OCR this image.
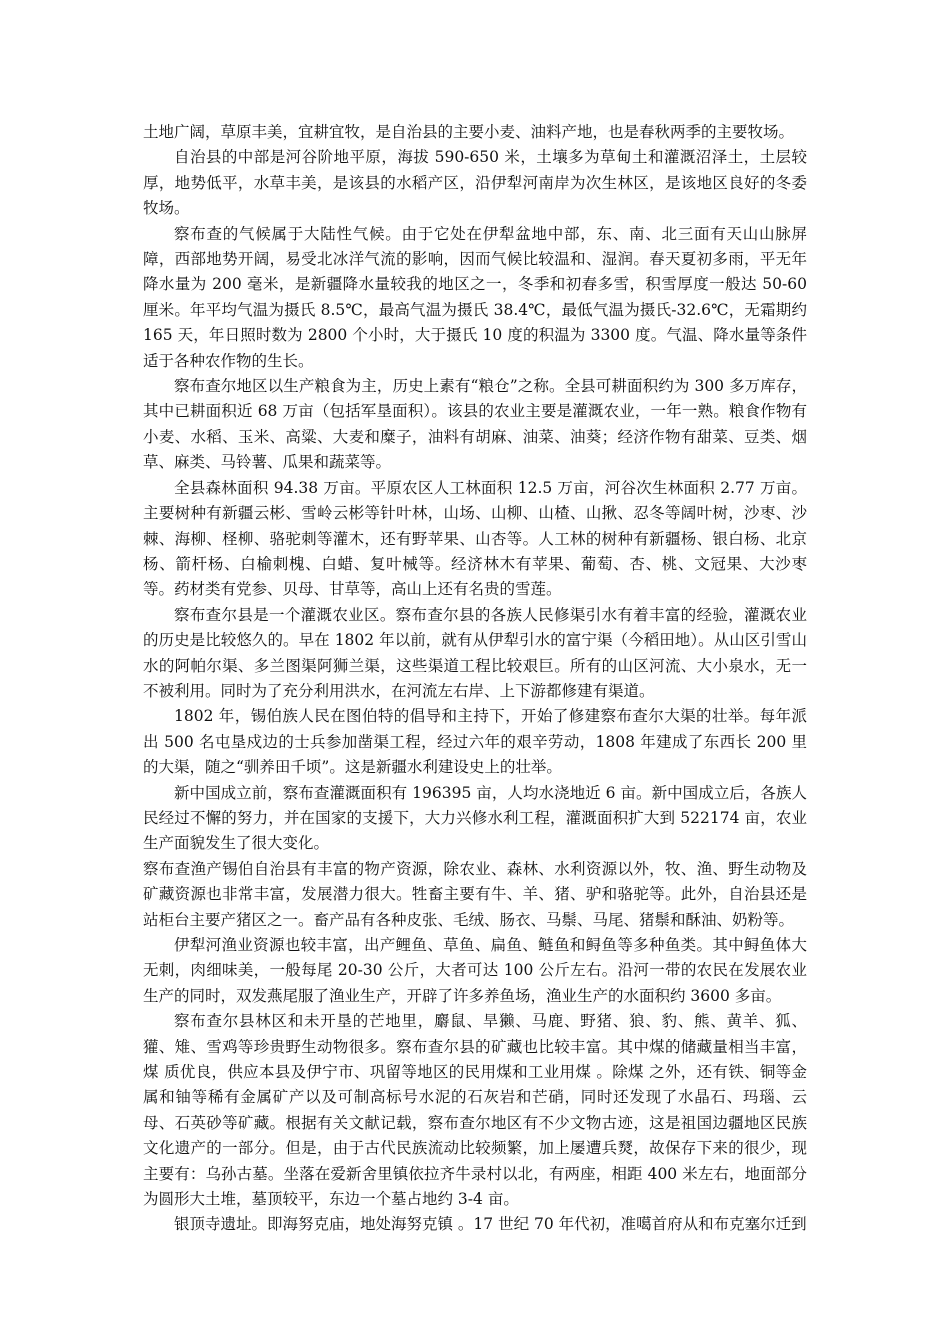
土地广阔，草原丰美，宜耕宜牧，是自治县的主要小麦、油料产地，也是春秋两季的主要牧场。

自治县的中部是河谷阶地平原，海拔 590-650 米，土壤多为草甸土和灌溉沼泽土，土层较厚，地势低平，水草丰美，是该县的水稻产区，沿伊犁河南岸为次生林区，是该地区良好的冬委牧场。

察布查的气候属于大陆性气候。由于它处在伊犁盆地中部，东、南、北三面有天山山脉屏障，西部地势开阔，易受北冰洋气流的影响，因而气候比较温和、湿润。春天夏初多雨，平无年降水量为 200 毫米，是新疆降水量较我的地区之一，冬季和初春多雪，积雪厚度一般达 50-60 厘米。年平均气温为摄氏 8.5℃，最高气温为摄氏 38.4℃，最低气温为摄氏-32.6℃，无霜期约 165 天，年日照时数为 2800 个小时，大于摄氏 10 度的积温为 3300 度。气温、降水量等条件适于各种农作物的生长。

察布查尔地区以生产粮食为主，历史上素有“粮仓”之称。全县可耕面积约为 300 多万库存，其中已耕面积近 68 万亩（包括军垦面积）。该县的农业主要是灌溉农业，一年一熟。粮食作物有小麦、水稻、玉米、高粱、大麦和糜子，油料有胡麻、油菜、油葵；经济作物有甜菜、豆类、烟草、麻类、马铃薯、瓜果和蔬菜等。

全县森林面积 94.38 万亩。平原农区人工林面积 12.5 万亩，河谷次生林面积 2.77 万亩。主要树种有新疆云彬、雪岭云彬等针叶林，山场、山柳、山楂、山揪、忍冬等阔叶树，沙枣、沙棘、海柳、柽柳、骆驼刺等灌木，还有野苹果、山杏等。人工林的树种有新疆杨、银白杨、北京杨、箭杆杨、白榆刺槐、白蜡、复叶械等。经济林木有苹果、葡萄、杏、桃、文冠果、大沙枣等。药材类有党参、贝母、甘草等，高山上还有名贵的雪莲。

察布查尔县是一个灌溉农业区。察布查尔县的各族人民修渠引水有着丰富的经验，灌溉农业的历史是比较悠久的。早在 1802 年以前，就有从伊犁引水的富宁渠（今稻田地）。从山区引雪山水的阿帕尔渠、多兰图渠阿狮兰渠，这些渠道工程比较艰巨。所有的山区河流、大小泉水，无一不被利用。同时为了充分利用洪水，在河流左右岸、上下游都修建有渠道。

1802 年，锡伯族人民在图伯特的倡导和主持下，开始了修建察布查尔大渠的壮举。每年派出 500 名屯垦戍边的士兵参加凿渠工程，经过六年的艰辛劳动，1808 年建成了东西长 200 里的大渠，随之“驯养田千顷”。这是新疆水利建设史上的壮举。

新中国成立前，察布查灌溉面积有 196395 亩，人均水浇地近 6 亩。新中国成立后，各族人民经过不懈的努力，并在国家的支援下，大力兴修水利工程，灌溉面积扩大到 522174 亩，农业生产面貌发生了很大变化。

察布查渔产锡伯自治县有丰富的物产资源，除农业、森林、水利资源以外，牧、渔、野生动物及矿藏资源也非常丰富，发展潜力很大。牲畜主要有牛、羊、猪、驴和骆驼等。此外，自治县还是站柜台主要产猪区之一。畜产品有各种皮张、毛绒、肠衣、马鬃、马尾、猪鬃和酥油、奶粉等。

伊犁河渔业资源也较丰富，出产鲤鱼、草鱼、扁鱼、鲢鱼和鲟鱼等多种鱼类。其中鲟鱼体大无刺，肉细味美，一般每尾 20-30 公斤，大者可达 100 公斤左右。沿河一带的农民在发展农业生产的同时，双发燕尾服了渔业生产，开辟了许多养鱼场，渔业生产的水面积约 3600 多亩。

察布查尔县林区和未开垦的芒地里，麝鼠、旱獭、马鹿、野猪、狼、豹、熊、黄羊、狐、獾、雉、雪鸡等珍贵野生动物很多。察布查尔县的矿藏也比较丰富。其中煤的储藏量相当丰富，煤 质优良，供应本县及伊宁市、巩留等地区的民用煤和工业用煤 。除煤 之外，还有铁、铜等金属和铀等稀有金属矿产以及可制高标号水泥的石灰岩和芒硝，同时还发现了水晶石、玛瑙、云母、石英砂等矿藏。根据有关文献记载，察布查尔地区有不少文物古迹，这是祖国边疆地区民族文化遗产的一部分。但是，由于古代民族流动比较频繁，加上屡遭兵燹，故保存下来的很少，现主要有：乌孙古墓。坐落在爱新舍里镇依拉齐牛录村以北，有两座，相距 400 米左右，地面部分为圆形大土堆，墓顶较平，东边一个墓占地约 3-4 亩。

银顶寺遗址。即海努克庙，地处海努克镇 。17 世纪 70 年代初，准噶首府从和布克塞尔迁到
